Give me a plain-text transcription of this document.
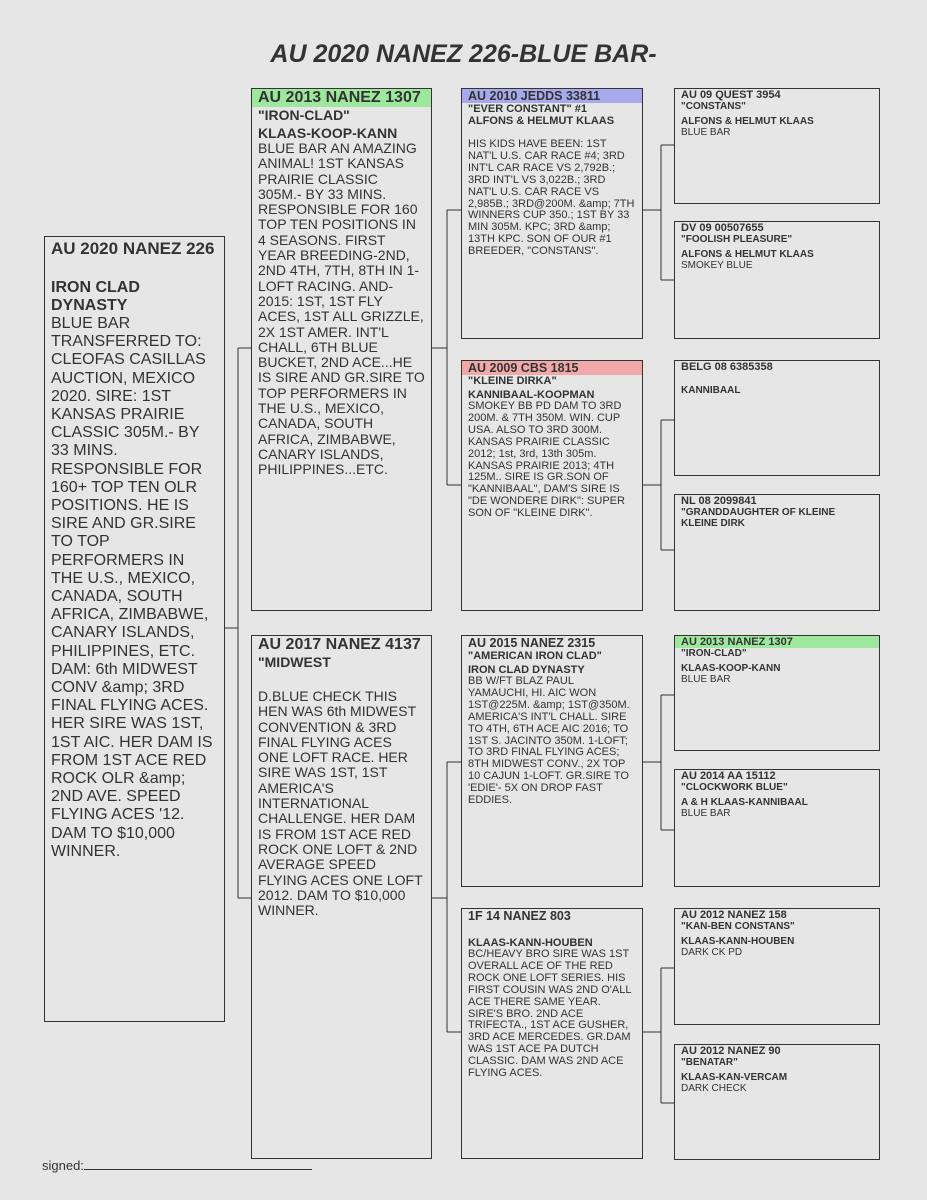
AU 2020 NANEZ 226-BLUE BAR-
AU 2020 NANEZ 226
IRON CLAD DYNASTY
BLUE BAR TRANSFERRED TO: CLEOFAS CASILLAS AUCTION, MEXICO 2020. SIRE: 1ST KANSAS PRAIRIE CLASSIC 305M.- BY 33 MINS. RESPONSIBLE FOR 160+ TOP TEN OLR POSITIONS. HE IS SIRE AND GR.SIRE TO TOP PERFORMERS IN THE U.S., MEXICO, CANADA, SOUTH AFRICA, ZIMBABWE, CANARY ISLANDS, PHILIPPINES, ETC. DAM: 6th MIDWEST CONV &amp; 3RD FINAL FLYING ACES. HER SIRE WAS 1ST, 1ST AIC. HER DAM IS FROM 1ST ACE RED ROCK OLR &amp; 2ND AVE. SPEED FLYING ACES '12. DAM TO $10,000 WINNER.
AU 2013 NANEZ 1307
"IRON-CLAD"
KLAAS-KOOP-KANN
BLUE BAR AN AMAZING ANIMAL! 1ST KANSAS PRAIRIE CLASSIC 305M.- BY 33 MINS. RESPONSIBLE FOR 160 TOP TEN POSITIONS IN 4 SEASONS. FIRST YEAR BREEDING-2ND, 2ND 4TH, 7TH, 8TH IN 1-LOFT RACING. AND-2015: 1ST, 1ST FLY ACES, 1ST ALL GRIZZLE, 2X 1ST AMER. INT'L CHALL, 6TH BLUE BUCKET, 2ND ACE...HE IS SIRE AND GR.SIRE TO TOP PERFORMERS IN THE U.S., MEXICO, CANADA, SOUTH AFRICA, ZIMBABWE, CANARY ISLANDS, PHILIPPINES...ETC.
AU 2017 NANEZ 4137
"MIDWEST
D.BLUE CHECK THIS HEN WAS 6th MIDWEST CONVENTION & 3RD FINAL FLYING ACES ONE LOFT RACE. HER SIRE WAS 1ST, 1ST AMERICA'S INTERNATIONAL CHALLENGE. HER DAM IS FROM 1ST ACE RED ROCK ONE LOFT & 2ND AVERAGE SPEED FLYING ACES ONE LOFT 2012. DAM TO $10,000 WINNER.
AU 2010 JEDDS 33811
"EVER CONSTANT" #1
ALFONS & HELMUT KLAAS
HIS KIDS HAVE BEEN: 1ST NAT'L U.S. CAR RACE #4; 3RD INT'L CAR RACE VS 2,792B.; 3RD INT'L VS 3,022B.; 3RD NAT'L U.S. CAR RACE VS 2,985B.; 3RD@200M. &amp; 7TH WINNERS CUP 350.; 1ST BY 33 MIN 305M. KPC; 3RD &amp; 13TH KPC. SON OF OUR #1 BREEDER, "CONSTANS".
AU 2009 CBS 1815
"KLEINE DIRKA"
KANNIBAAL-KOOPMAN
SMOKEY BB PD DAM TO 3RD 200M. & 7TH 350M. WIN. CUP USA. ALSO TO 3RD 300M. KANSAS PRAIRIE CLASSIC 2012; 1st, 3rd, 13th 305m. KANSAS PRAIRIE 2013; 4TH 125M.. SIRE IS GR.SON OF "KANNIBAAL", DAM'S SIRE IS "DE WONDERE DIRK": SUPER SON OF "KLEINE DIRK".
AU 2015 NANEZ 2315
"AMERICAN IRON CLAD"
IRON CLAD DYNASTY
BB W/FT BLAZ PAUL YAMAUCHI, HI. AIC WON 1ST@225M. &amp; 1ST@350M. AMERICA'S INT'L CHALL. SIRE TO 4TH, 6TH ACE AIC 2016; TO 1ST S. JACINTO 350M. 1-LOFT; TO 3RD FINAL FLYING ACES; 8TH MIDWEST CONV., 2X TOP 10 CAJUN 1-LOFT. GR.SIRE TO 'EDIE'- 5X ON DROP FAST EDDIES.
1F 14 NANEZ 803
KLAAS-KANN-HOUBEN
BC/HEAVY BRO SIRE WAS 1ST OVERALL ACE OF THE RED ROCK ONE LOFT SERIES. HIS FIRST COUSIN WAS 2ND O'ALL ACE THERE SAME YEAR. SIRE'S BRO. 2ND ACE TRIFECTA., 1ST ACE GUSHER, 3RD ACE MERCEDES. GR.DAM WAS 1ST ACE PA DUTCH CLASSIC. DAM WAS 2ND ACE FLYING ACES.
AU 09 QUEST 3954
"CONSTANS"
ALFONS & HELMUT KLAAS
BLUE BAR
DV 09 00507655
"FOOLISH PLEASURE"
ALFONS & HELMUT KLAAS
SMOKEY BLUE
BELG 08 6385358
KANNIBAAL
NL 08 2099841
"GRANDDAUGHTER OF KLEINE
KLEINE DIRK
AU 2013 NANEZ 1307
"IRON-CLAD"
KLAAS-KOOP-KANN
BLUE BAR
AU 2014 AA 15112
"CLOCKWORK BLUE"
A & H KLAAS-KANNIBAAL
BLUE BAR
AU 2012 NANEZ 158
"KAN-BEN CONSTANS"
KLAAS-KANN-HOUBEN
DARK CK PD
AU 2012 NANEZ 90
"BENATAR"
KLAAS-KAN-VERCAM
DARK CHECK
signed:
